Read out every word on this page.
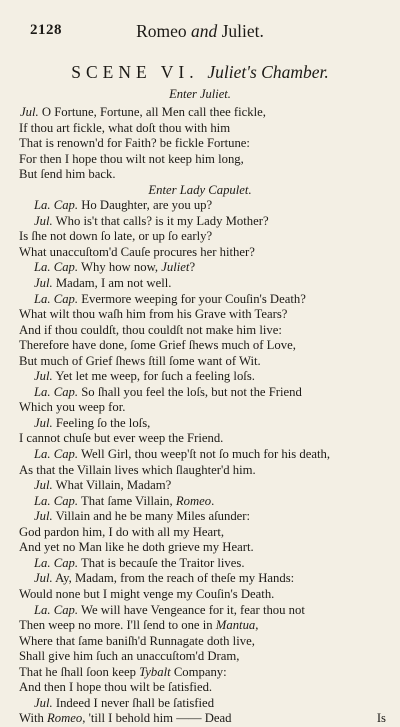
2128	Romeo and Juliet.
SCENE VI. Juliet's Chamber.
Enter Juliet.
Jul. O Fortune, Fortune, all Men call thee fickle,
If thou art fickle, what doſt thou with him
That is renown'd for Faith? be fickle Fortune:
For then I hope thou wilt not keep him long,
But ſend him back.
Enter Lady Capulet.
La. Cap. Ho Daughter, are you up?
Jul. Who is't that calls? is it my Lady Mother?
Is ſhe not down ſo late, or up ſo early?
What unaccuſtom'd Cauſe procures her hither?
La. Cap. Why how now, Juliet?
Jul. Madam, I am not well.
La. Cap. Evermore weeping for your Couſin's Death?
What wilt thou waſh him from his Grave with Tears?
And if thou couldſt, thou couldſt not make him live:
Therefore have done, ſome Grief ſhews much of Love,
But much of Grief ſhews ſtill ſome want of Wit.
Jul. Yet let me weep, for ſuch a feeling loſs.
La. Cap. So ſhall you feel the loſs, but not the Friend
Which you weep for.
Jul. Feeling ſo the loſs,
I cannot chuſe but ever weep the Friend.
La. Cap. Well Girl, thou weep'ſt not ſo much for his death,
As that the Villain lives which ſlaughter'd him.
Jul. What Villain, Madam?
La. Cap. That ſame Villain, Romeo.
Jul. Villain and he be many Miles aſunder:
God pardon him, I do with all my Heart,
And yet no Man like he doth grieve my Heart.
La. Cap. That is becauſe the Traitor lives.
Jul. Ay, Madam, from the reach of theſe my Hands:
Would none but I might venge my Couſin's Death.
La. Cap. We will have Vengeance for it, fear thou not
Then weep no more. I'll ſend to one in Mantua,
Where that ſame baniſh'd Runnagate doth live,
Shall give him ſuch an unaccuſtom'd Dram,
That he ſhall ſoon keep Tybalt Company:
And then I hope thou wilt be ſatisfied.
Jul. Indeed I never ſhall be ſatisfied
With Romeo, 'till I behold him —— Dead	Is
